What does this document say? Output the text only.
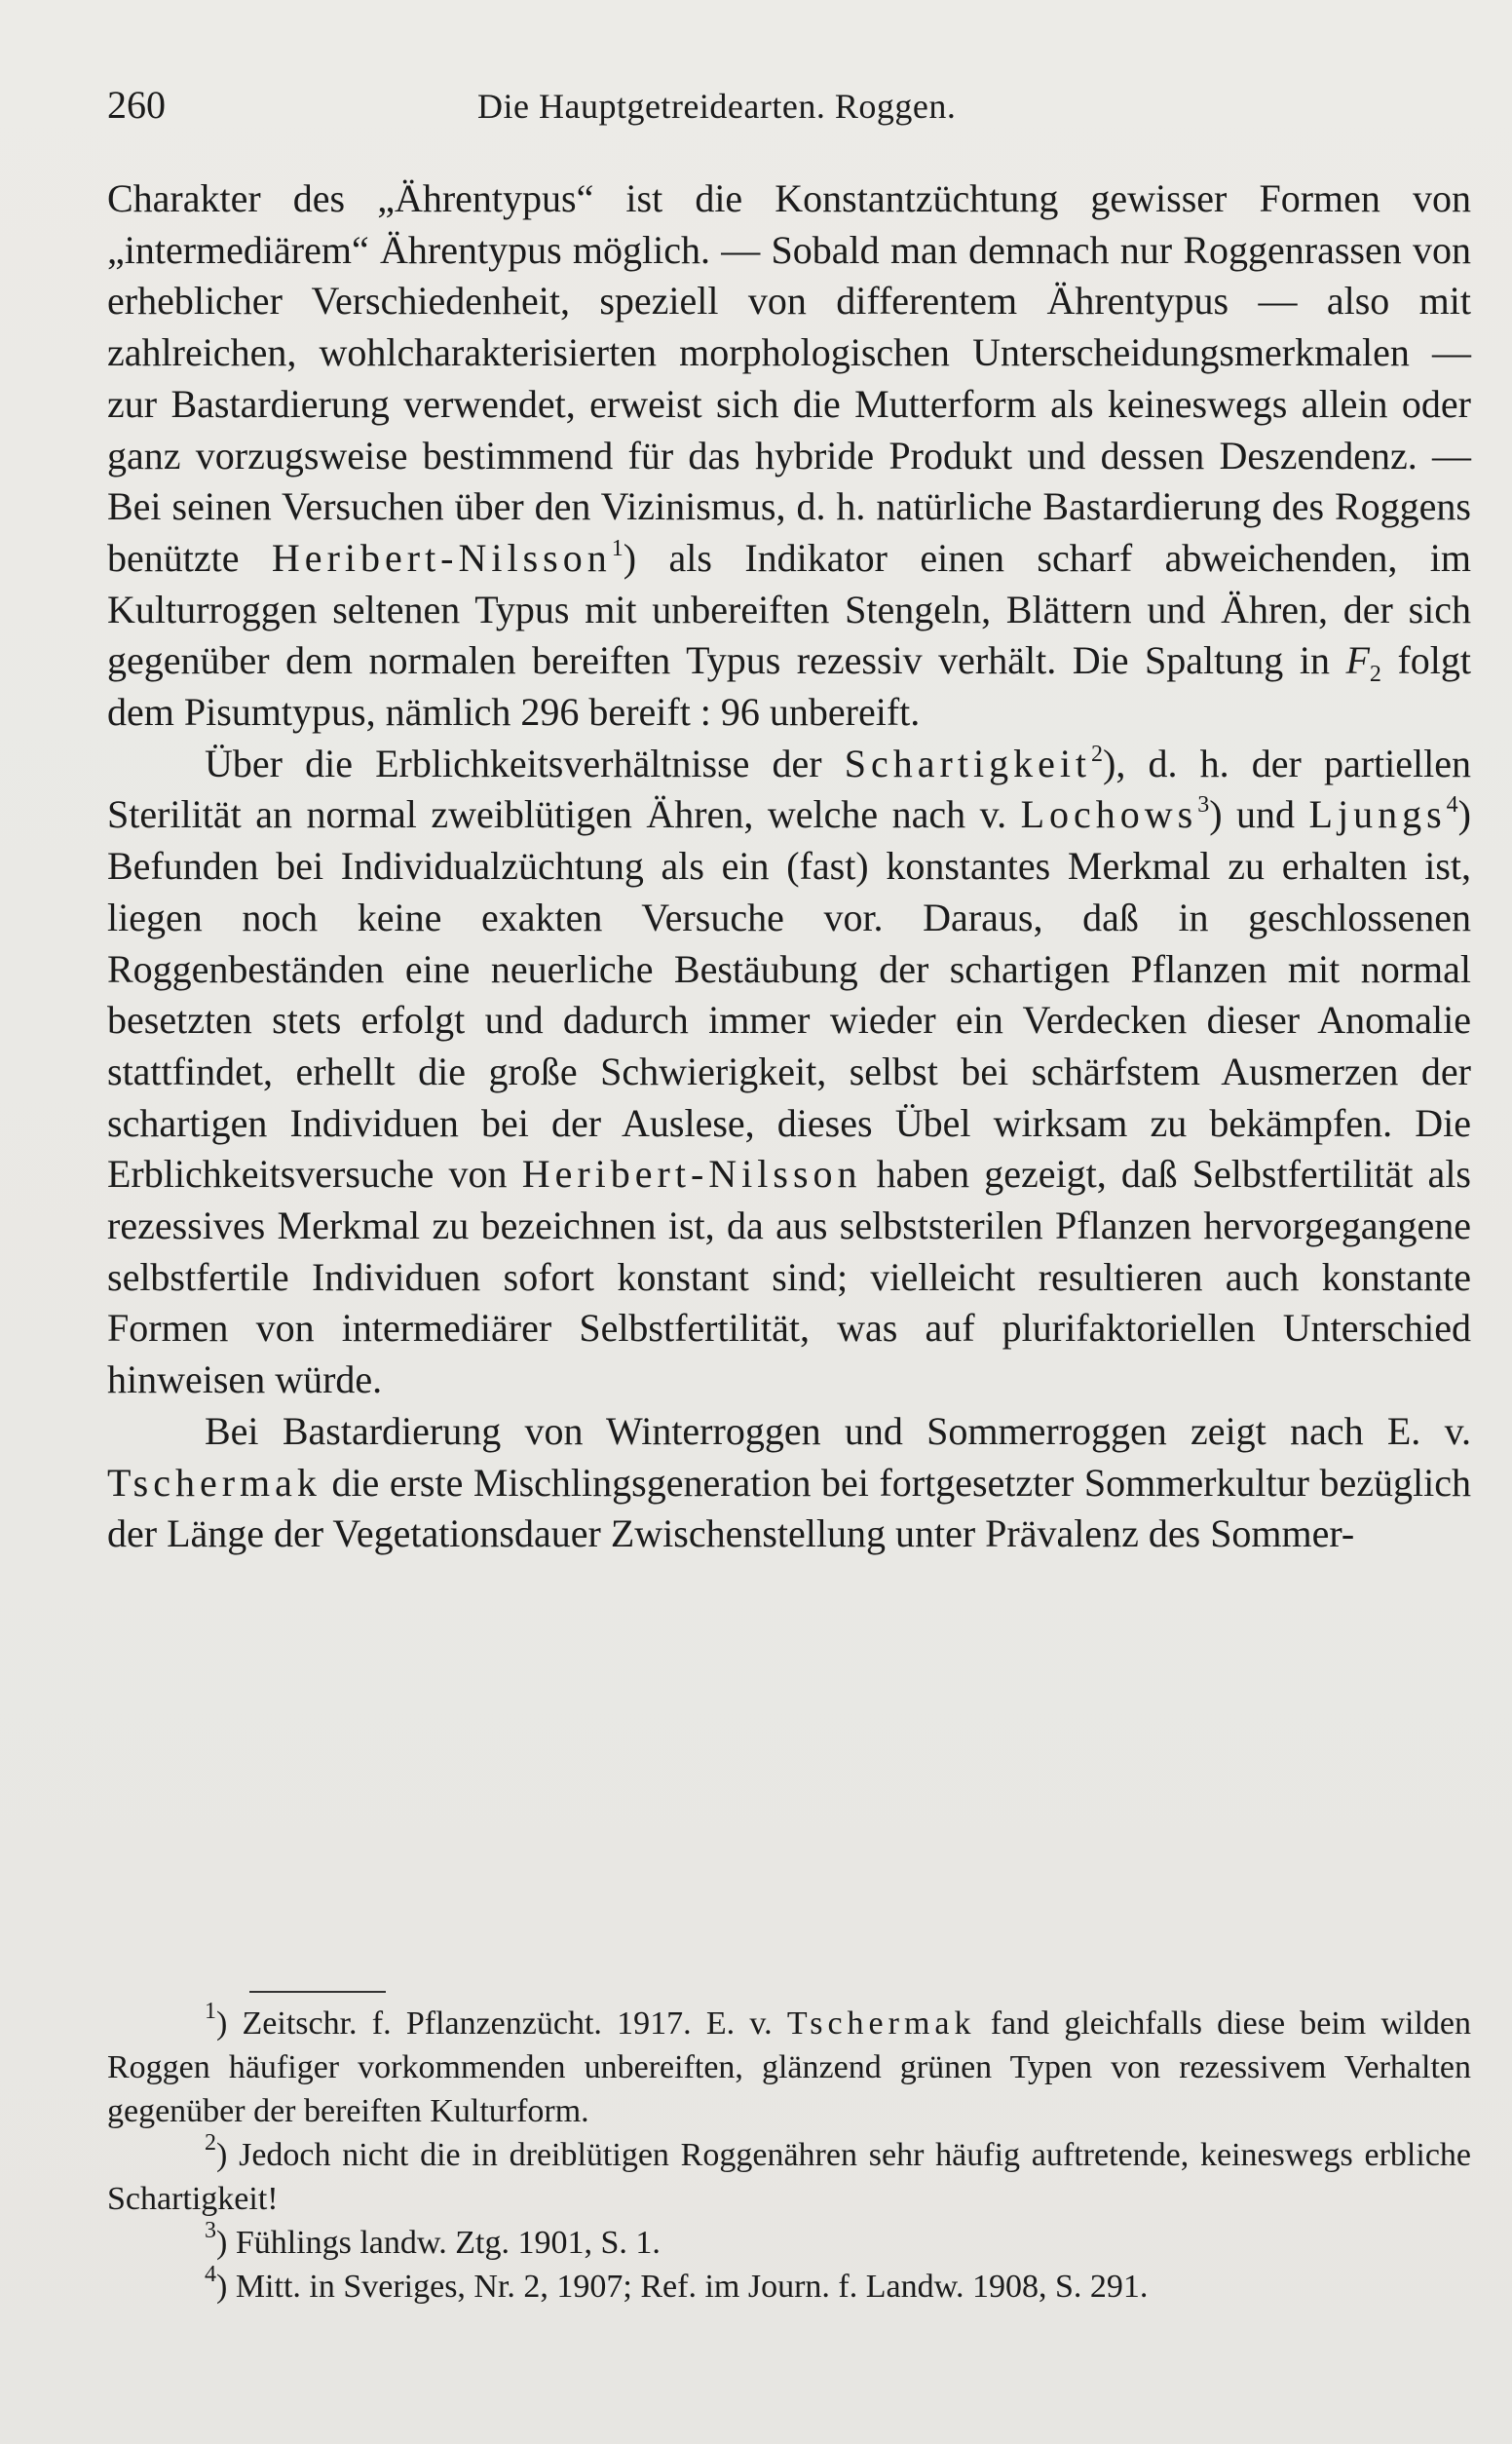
260	Die Hauptgetreidearten. Roggen.

Charakter des „Ährentypus“ ist die Konstantzüchtung gewisser Formen von „intermediärem“ Ährentypus möglich. — Sobald man demnach nur Roggenrassen von erheblicher Verschiedenheit, speziell von differentem Ährentypus — also mit zahlreichen, wohlcharakterisierten morphologischen Unterscheidungsmerkmalen — zur Bastardierung verwendet, erweist sich die Mutterform als keineswegs allein oder ganz vorzugsweise bestimmend für das hybride Produkt und dessen Deszendenz. — Bei seinen Versuchen über den Vizinismus, d. h. natürliche Bastardierung des Roggens benützte Heribert-Nilsson$^1$) als Indikator einen scharf abweichenden, im Kulturroggen seltenen Typus mit unbereiften Stengeln, Blättern und Ähren, der sich gegenüber dem normalen bereiften Typus rezessiv verhält. Die Spaltung in $F_2$ folgt dem Pisumtypus, nämlich 296 bereift : 96 unbereift.

Über die Erblichkeitsverhältnisse der Schartigkeit$^2$), d. h. der partiellen Sterilität an normal zweiblütigen Ähren, welche nach v. Lochows$^3$) und Ljungs$^4$) Befunden bei Individualzüchtung als ein (fast) konstantes Merkmal zu erhalten ist, liegen noch keine exakten Versuche vor. Daraus, daß in geschlossenen Roggenbeständen eine neuerliche Bestäubung der schartigen Pflanzen mit normal besetzten stets erfolgt und dadurch immer wieder ein Verdecken dieser Anomalie stattfindet, erhellt die große Schwierigkeit, selbst bei schärfstem Ausmerzen der schartigen Individuen bei der Auslese, dieses Übel wirksam zu bekämpfen. Die Erblichkeitsversuche von Heribert-Nilsson haben gezeigt, daß Selbstfertilität als rezessives Merkmal zu bezeichnen ist, da aus selbststerilen Pflanzen hervorgegangene selbstfertile Individuen sofort konstant sind; vielleicht resultieren auch konstante Formen von intermediärer Selbstfertilität, was auf plurifaktoriellen Unterschied hinweisen würde.

Bei Bastardierung von Winterroggen und Sommerroggen zeigt nach E. v. Tschermak die erste Mischlingsgeneration bei fortgesetzter Sommerkultur bezüglich der Länge der Vegetationsdauer Zwischenstellung unter Prävalenz des Sommer-

$^1$) Zeitschr. f. Pflanzenzücht. 1917. E. v. Tschermak fand gleichfalls diese beim wilden Roggen häufiger vorkommenden unbereiften, glänzend grünen Typen von rezessivem Verhalten gegenüber der bereiften Kulturform.

$^2$) Jedoch nicht die in dreiblütigen Roggenähren sehr häufig auftretende, keineswegs erbliche Schartigkeit!

$^3$) Fühlings landw. Ztg. 1901, S. 1.

$^4$) Mitt. in Sveriges, Nr. 2, 1907; Ref. im Journ. f. Landw. 1908, S. 291.
